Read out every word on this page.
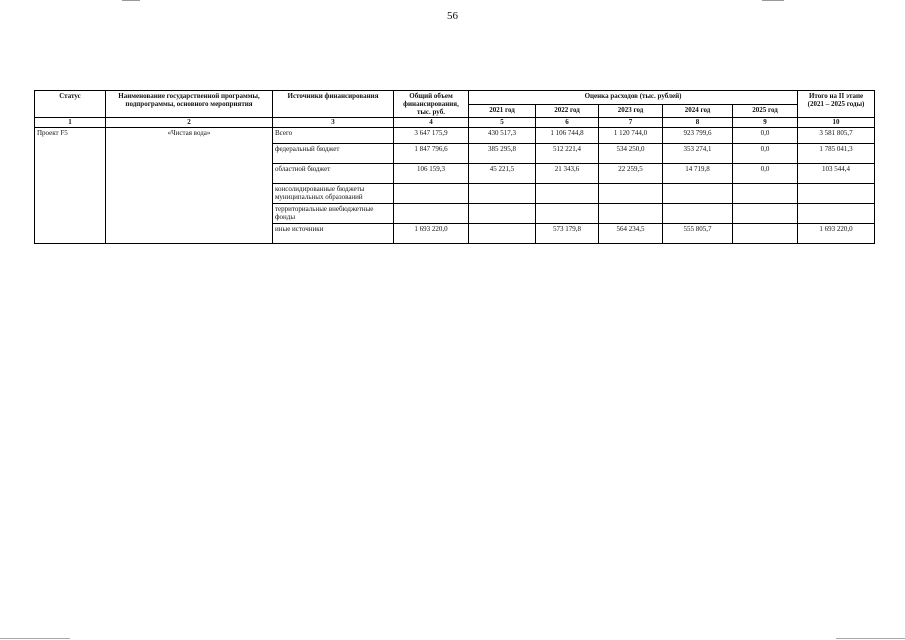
56
Статус	Наименование государственной программы, подпрограммы, основного мероприятия	Источники финансирования	Общий объем финансирования, тыс. руб.	Оценка расходов (тыс. рублей)					Итого на II этапе (2021 – 2025 годы)
				2021 год	2022 год	2023 год	2024 год	2025 год	
1	2	3	4	5	6	7	8	9	10
Проект F5	«Чистая вода»	Всего	3 647 175,9	430 517,3	1 106 744,8	1 120 744,0	923 799,6	0,0	3 581 805,7
		федеральный бюджет	1 847 796,6	385 295,8	512 221,4	534 250,0	353 274,1	0,0	1 785 041,3
		областной бюджет	106 159,3	45 221,5	21 343,6	22 259,5	14 719,8	0,0	103 544,4
		консолидированные бюджеты муниципальных образований							
		территориальные внебюджетные фонды							
		иные источники	1 693 220,0		573 179,8	564 234,5	555 805,7		1 693 220,0
